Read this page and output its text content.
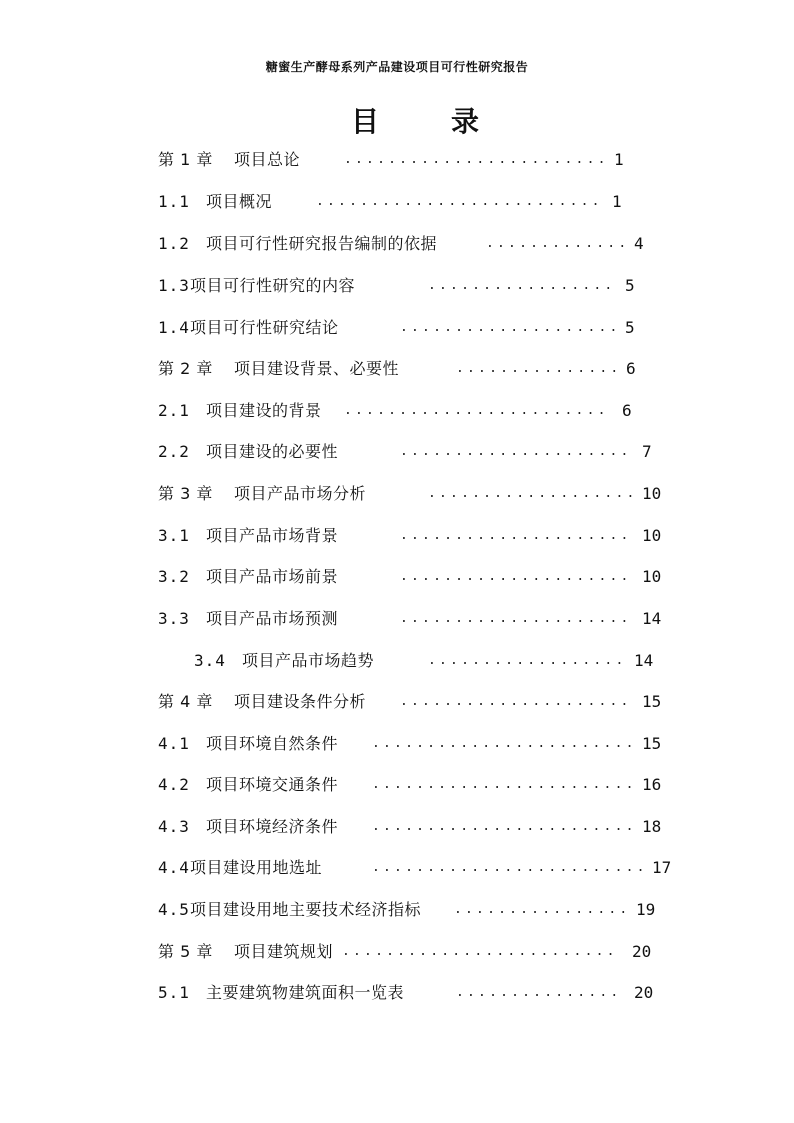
糖蜜生产酵母系列产品建设项目可行性研究报告
目	录
第 1 章 项目总论	........................ 1
1.1 项目概况	.......................... 1
1.2 项目可行性研究报告编制的依据	............. 4
1.3 项目可行性研究的内容	................. 5
1.4 项目可行性研究结论	.................... 5
第 2 章 项目建设背景、必要性	............... 6
2.1 项目建设的背景 ........................ 6
2.2 项目建设的必要性	..................... 7
第 3 章 项目产品市场分析	................... 10
3.1 项目产品市场背景	..................... 10
3.2 项目产品市场前景	..................... 10
3.3 项目产品市场预测	..................... 14
3.4 项目产品市场趋势	.................. 14
第 4 章 项目建设条件分析	..................... 15
4.1 项目环境自然条件	........................ 15
4.2 项目环境交通条件	........................ 16
4.3 项目环境经济条件	........................ 18
4.4 项目建设用地选址	......................... 17
4.5 项目建设用地主要技术经济指标	................ 19
第 5 章 项目建筑规划 ......................... 20
5.1 主要建筑物建筑面积一览表	............... 20
